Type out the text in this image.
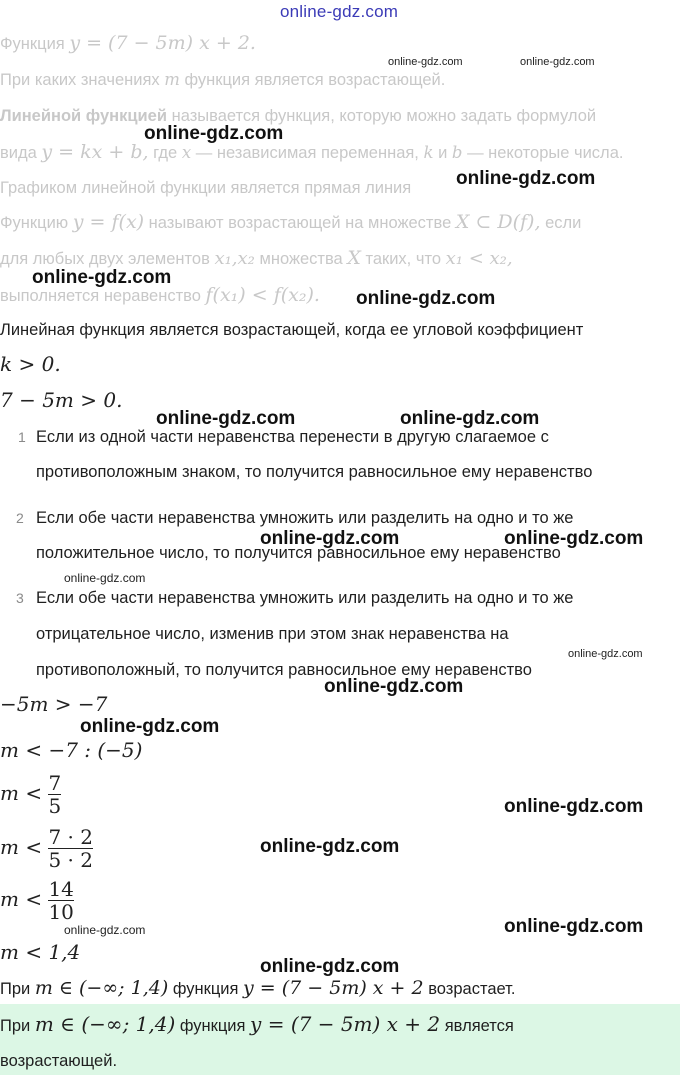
online-gdz.com
Функция y = (7 − 5m) x + 2.
При каких значениях m функция является возрастающей.
Линейной функцией называется функция, которую можно задать формулой
вида y = kx + b, где x — независимая переменная, k и b — некоторые числа.
Графиком линейной функции является прямая линия
Функцию y = f(x) называют возрастающей на множестве X ⊂ D(f), если
для любых двух элементов x₁,x₂ множества X таких, что x₁ < x₂,
выполняется неравенство f(x₁) < f(x₂).
Линейная функция является возрастающей, когда ее угловой коэффициент
k > 0.
7 − 5m > 0.
1 Если из одной части неравенства перенести в другую слагаемое с
противоположным знаком, то получится равносильное ему неравенство
2 Если обе части неравенства умножить или разделить на одно и то же
положительное число, то получится равносильное ему неравенство
3 Если обе части неравенства умножить или разделить на одно и то же
отрицательное число, изменив при этом знак неравенства на
противоположный, то получится равносильное ему неравенство
−5m > −7
m < −7 : (−5)
$m < \frac{7}{5}$
$m < \frac{7 \cdot 2}{5 \cdot 2}$
$m < \frac{14}{10}$
m < 1,4
При m ∈ (−∞; 1,4) функция y = (7 − 5m) x + 2 возрастает.
При m ∈ (−∞; 1,4) функция y = (7 − 5m) x + 2 является
возрастающей.
online-gdz.com	online-gdz.com
online-gdz.com
online-gdz.com
online-gdz.com
online-gdz.com
online-gdz.com	online-gdz.com
online-gdz.com	online-gdz.com
online-gdz.com
online-gdz.com
online-gdz.com
online-gdz.com
online-gdz.com
online-gdz.com
online-gdz.com
online-gdz.com
online-gdz.com
